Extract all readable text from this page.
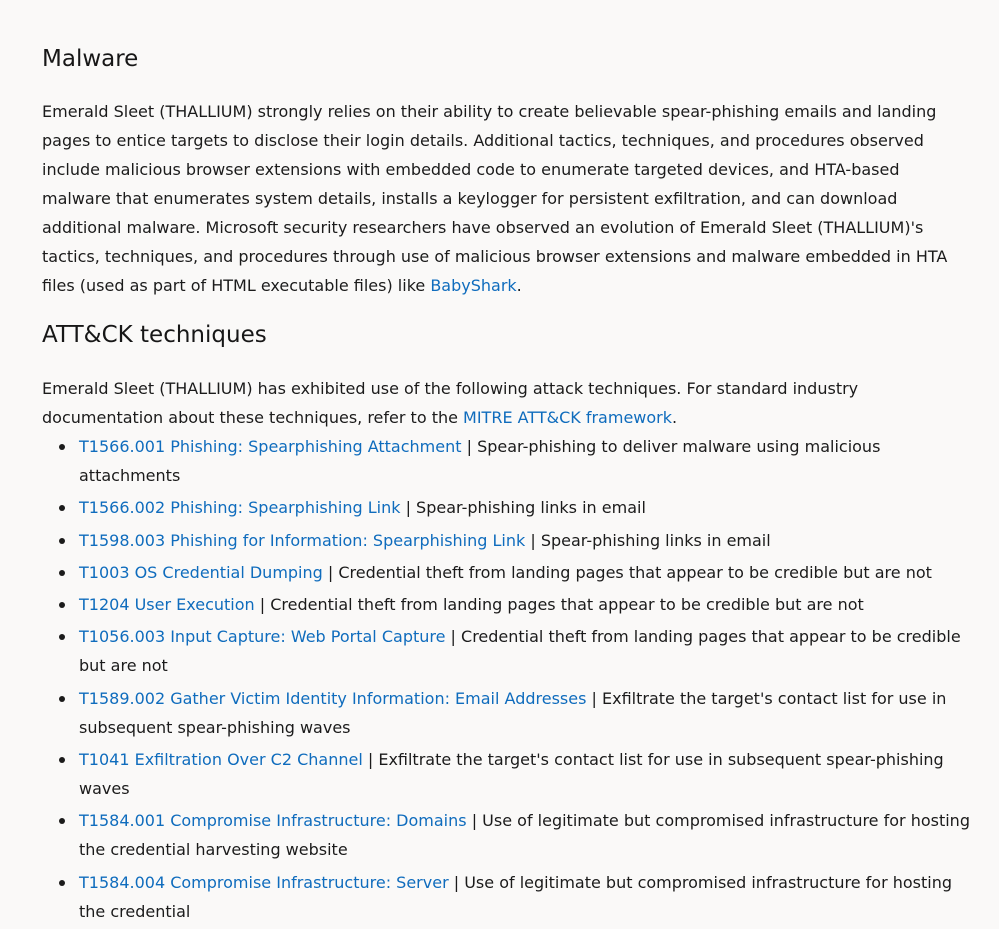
Malware

Emerald Sleet (THALLIUM) strongly relies on their ability to create believable spear-phishing emails and landing pages to entice targets to disclose their login details. Additional tactics, techniques, and procedures observed include malicious browser extensions with embedded code to enumerate targeted devices, and HTA-based malware that enumerates system details, installs a keylogger for persistent exfiltration, and can download additional malware. Microsoft security researchers have observed an evolution of Emerald Sleet (THALLIUM)'s tactics, techniques, and procedures through use of malicious browser extensions and malware embedded in HTA files (used as part of HTML executable files) like BabyShark.

ATT&CK techniques

Emerald Sleet (THALLIUM) has exhibited use of the following attack techniques. For standard industry documentation about these techniques, refer to the MITRE ATT&CK framework.

T1566.001 Phishing: Spearphishing Attachment | Spear-phishing to deliver malware using malicious attachments
T1566.002 Phishing: Spearphishing Link | Spear-phishing links in email
T1598.003 Phishing for Information: Spearphishing Link | Spear-phishing links in email
T1003 OS Credential Dumping | Credential theft from landing pages that appear to be credible but are not
T1204 User Execution | Credential theft from landing pages that appear to be credible but are not
T1056.003 Input Capture: Web Portal Capture | Credential theft from landing pages that appear to be credible but are not
T1589.002 Gather Victim Identity Information: Email Addresses | Exfiltrate the target's contact list for use in subsequent spear-phishing waves
T1041 Exfiltration Over C2 Channel | Exfiltrate the target's contact list for use in subsequent spear-phishing waves
T1584.001 Compromise Infrastructure: Domains | Use of legitimate but compromised infrastructure for hosting the credential harvesting website
T1584.004 Compromise Infrastructure: Server | Use of legitimate but compromised infrastructure for hosting the credential
